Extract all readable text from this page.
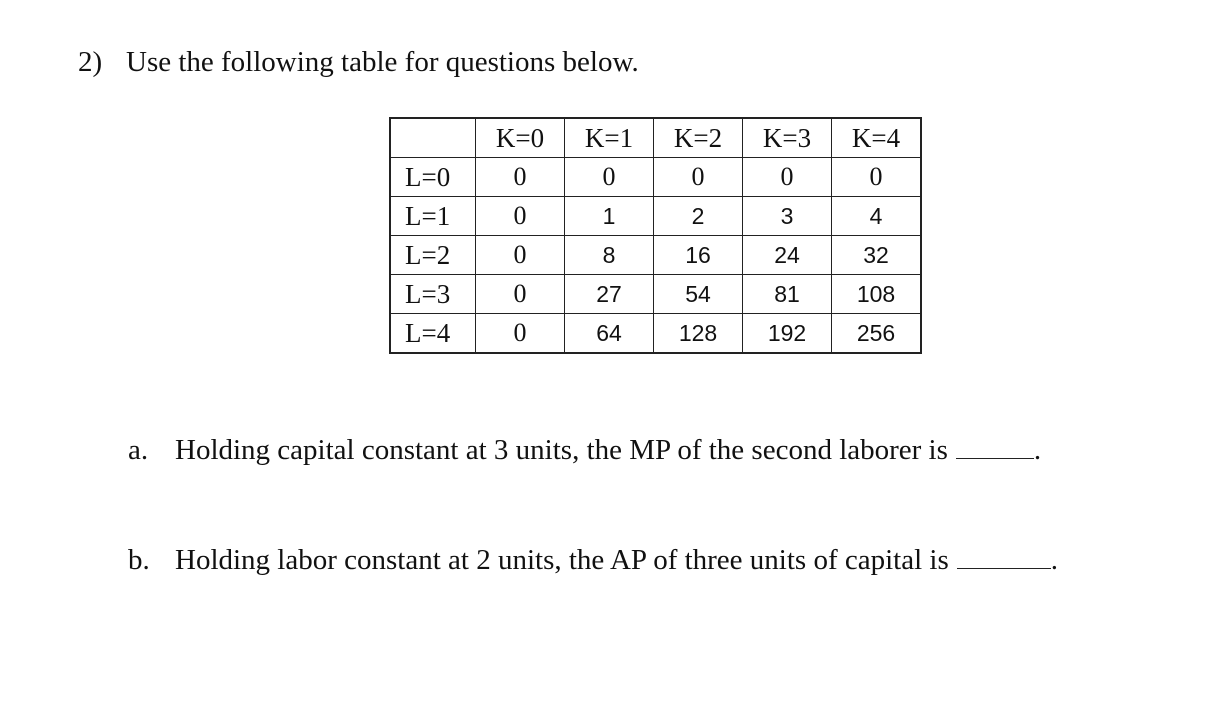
2) Use the following table for questions below.
	K=0	K=1	K=2	K=3	K=4
L=0	0	0	0	0	0
L=1	0	1	2	3	4
L=2	0	8	16	24	32
L=3	0	27	54	81	108
L=4	0	64	128	192	256
a. Holding capital constant at 3 units, the MP of the second laborer is	.
b. Holding labor constant at 2 units, the AP of three units of capital is	.
